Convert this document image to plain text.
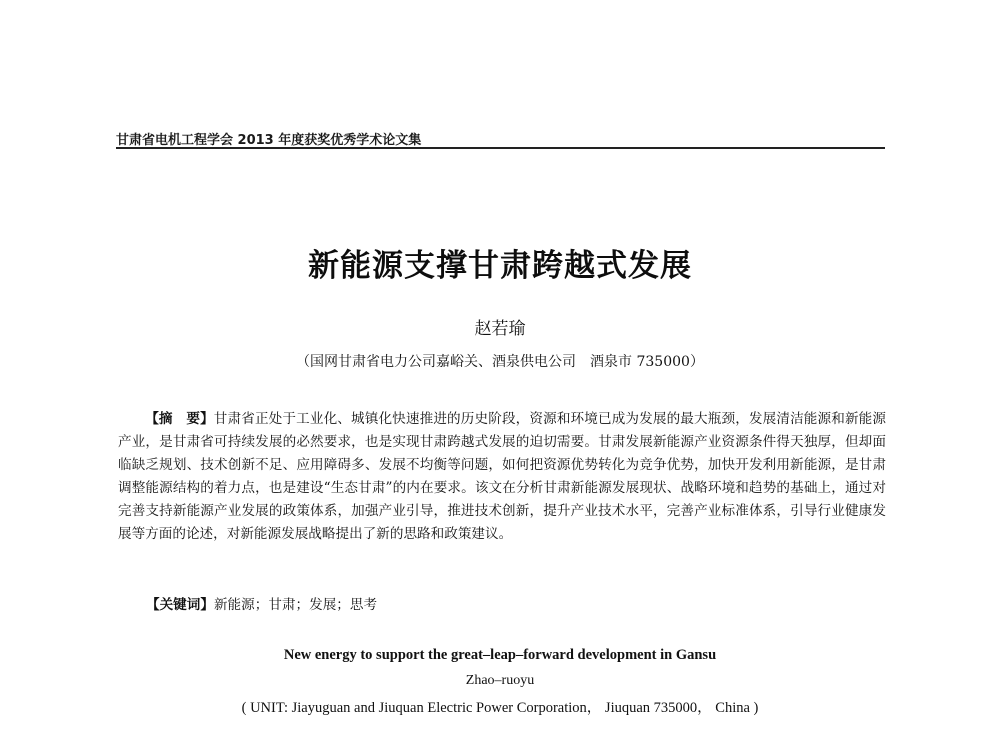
甘肃省电机工程学会 2013 年度获奖优秀学术论文集
新能源支撑甘肃跨越式发展
赵若瑜
（国网甘肃省电力公司嘉峪关、酒泉供电公司　酒泉市 735000）

【摘　要】甘肃省正处于工业化、城镇化快速推进的历史阶段，资源和环境已成为发展的最大瓶颈，发展清洁能源和新能源产业，是甘肃省可持续发展的必然要求，也是实现甘肃跨越式发展的迫切需要。甘肃发展新能源产业资源条件得天独厚，但却面临缺乏规划、技术创新不足、应用障碍多、发展不均衡等问题，如何把资源优势转化为竞争优势，加快开发利用新能源，是甘肃调整能源结构的着力点，也是建设“生态甘肃”的内在要求。该文在分析甘肃新能源发展现状、战略环境和趋势的基础上，通过对完善支持新能源产业发展的政策体系，加强产业引导，推进技术创新，提升产业技术水平，完善产业标准体系，引导行业健康发展等方面的论述，对新能源发展战略提出了新的思路和政策建议。

【关键词】新能源；甘肃；发展；思考

New energy to support the great–leap–forward development in Gansu
Zhao–ruoyu
( UNIT: Jiayuguan and Jiuquan Electric Power Corporation， Jiuquan 735000， China )
